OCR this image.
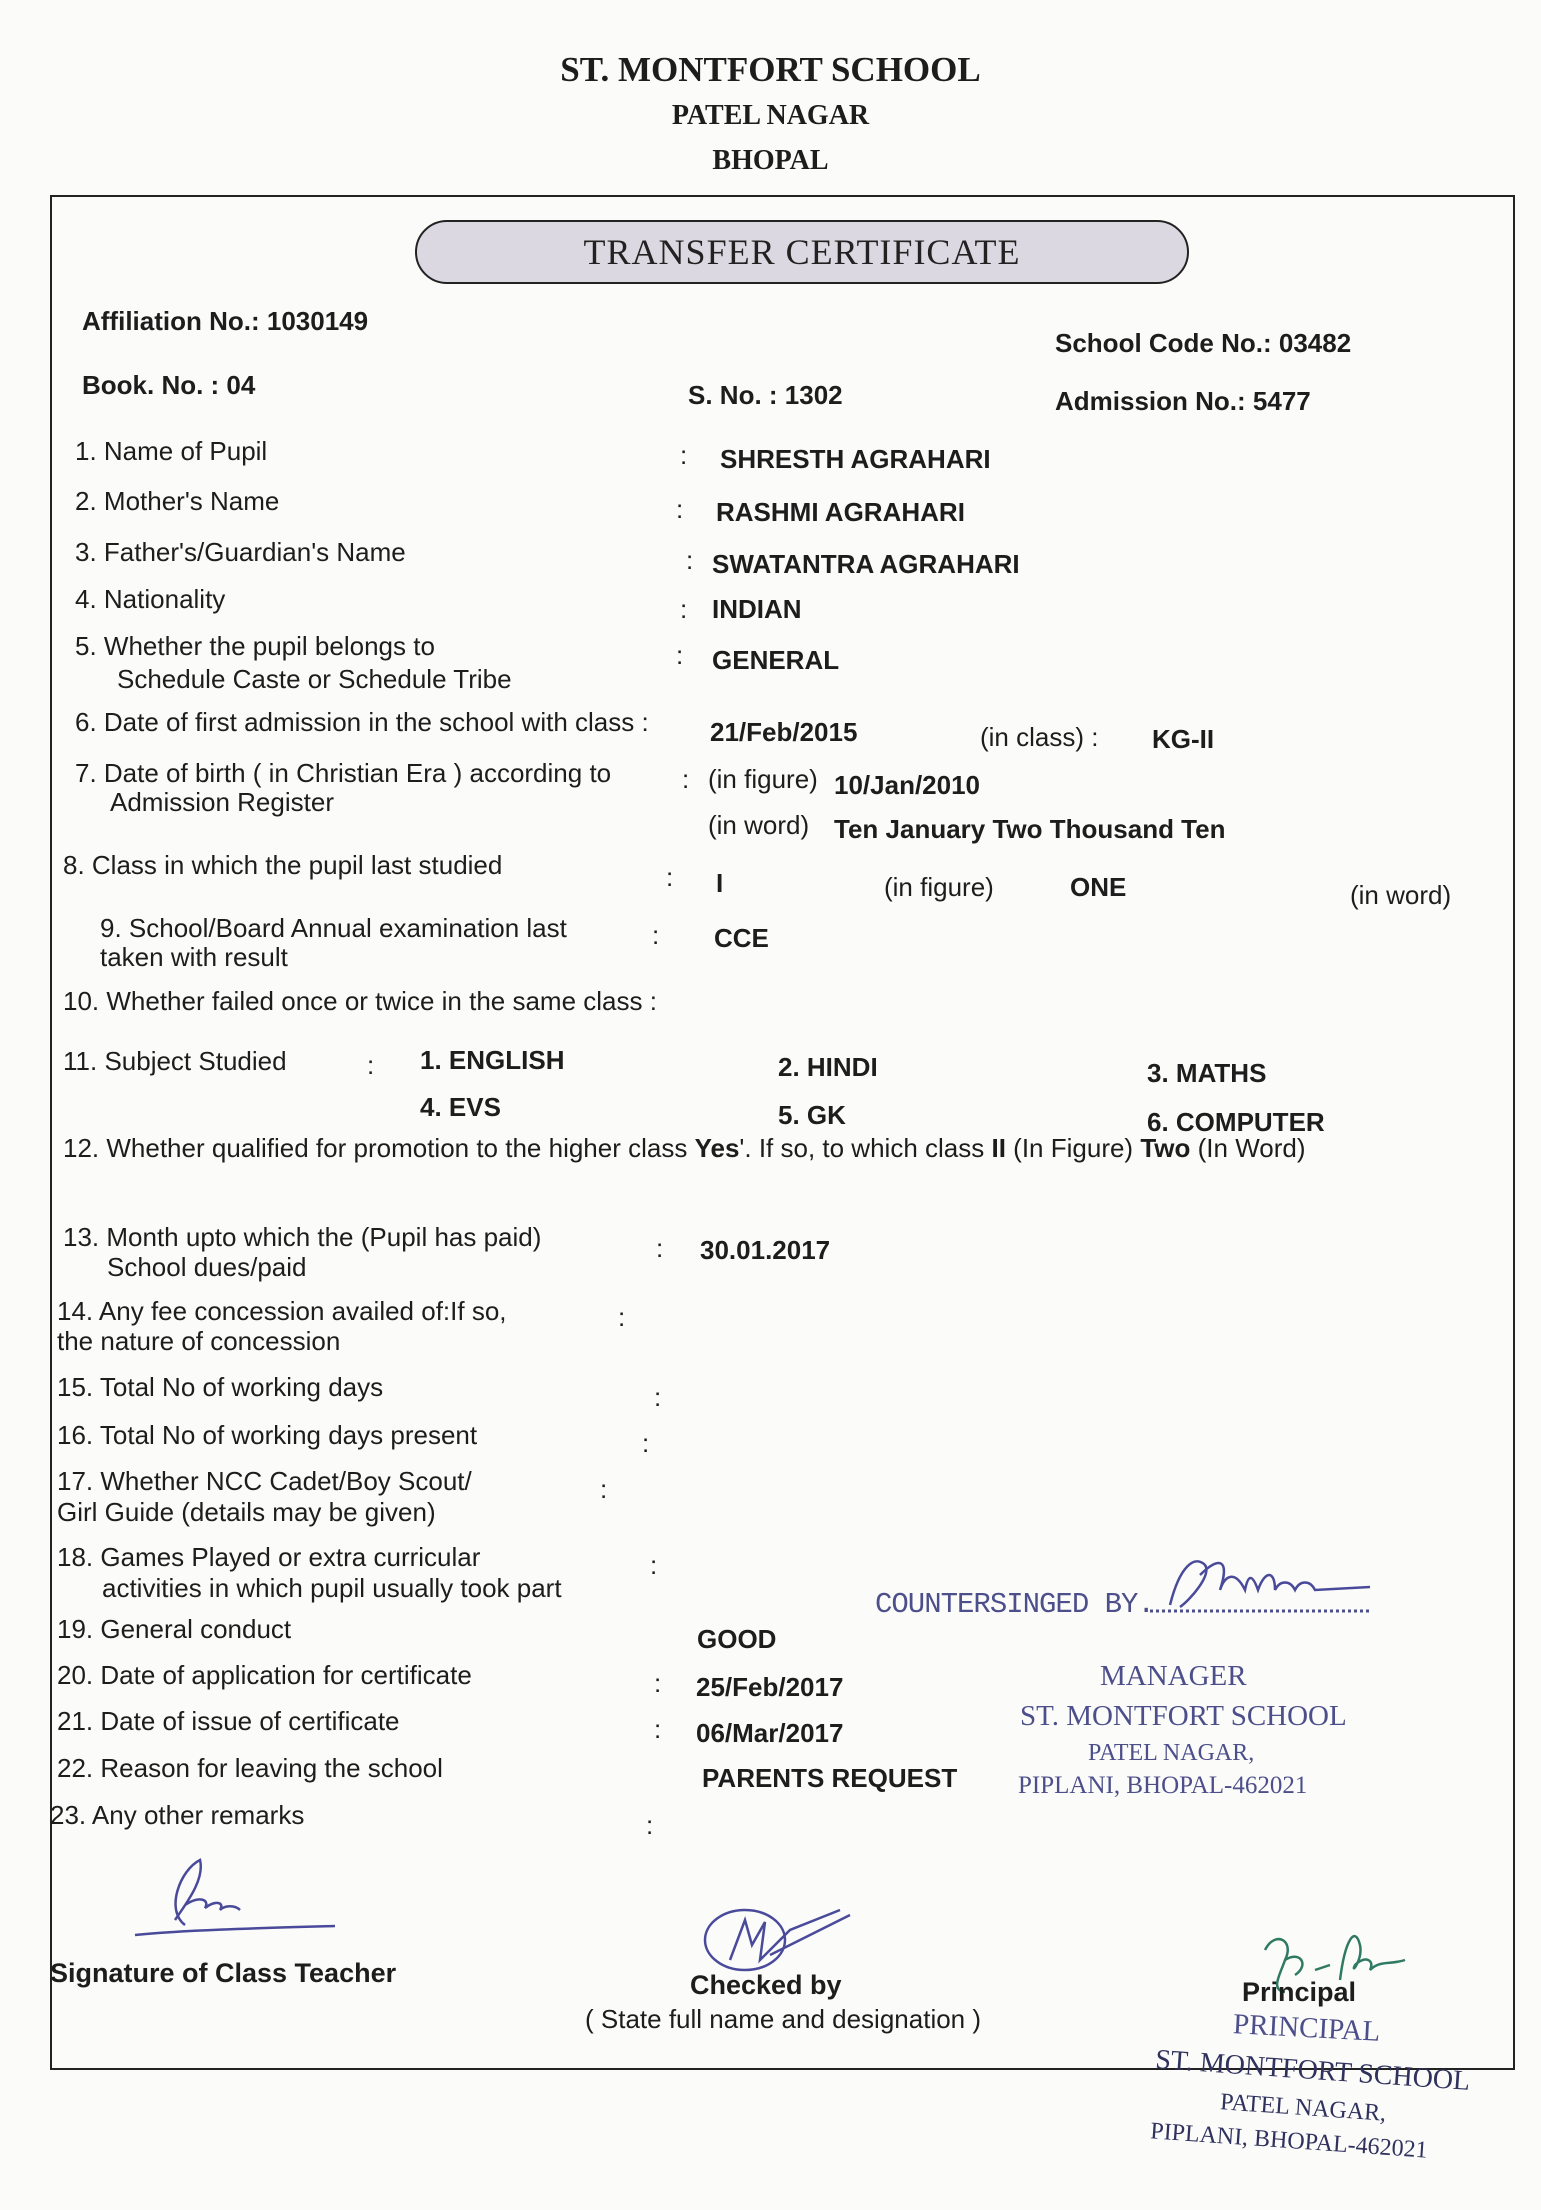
ST. MONTFORT SCHOOL
PATEL NAGAR
BHOPAL
TRANSFER CERTIFICATE
Affiliation No.: 1030149
School Code No.: 03482
Book. No. : 04	S. No. : 1302	Admission No.: 5477
1. Name of Pupil	: SHRESTH AGRAHARI
2. Mother's Name	: RASHMI AGRAHARI
3. Father's/Guardian's Name	: SWATANTRA AGRAHARI
4. Nationality	: INDIAN
5. Whether the pupil belongs to
Schedule Caste or Schedule Tribe
: GENERAL
6. Date of first admission in the school with class : 21/Feb/2015	(in class) : KG-II
7. Date of birth ( in Christian Era ) according to
Admission Register
: (in figure) 10/Jan/2010
(in word) Ten January Two Thousand Ten
8. Class in which the pupil last studied	: I	(in figure)	ONE	(in word)
9. School/Board Annual examination last
taken with result
: CCE
10. Whether failed once or twice in the same class :
11. Subject Studied	: 1. ENGLISH	2. HINDI	3. MATHS
4. EVS	5. GK	6. COMPUTER
12. Whether qualified for promotion to the higher class Yes'. If so, to which class II (In Figure) Two (In Word)
13. Month upto which the (Pupil has paid)
School dues/paid
: 30.01.2017
14. Any fee concession availed of:If so,
the nature of concession
:
15. Total No of working days	:
16. Total No of working days present	:
17. Whether NCC Cadet/Boy Scout/
Girl Guide (details may be given)
:
18. Games Played or extra curricular
activities in which pupil usually took part
:
19. General conduct	GOOD
20. Date of application for certificate	: 25/Feb/2017
21. Date of issue of certificate	: 06/Mar/2017
22. Reason for leaving the school	PARENTS REQUEST
23. Any other remarks	:
COUNTERSINGED BY.
MANAGER
ST. MONTFORT SCHOOL
PATEL NAGAR,
PIPLANI, BHOPAL-462021
Signature of Class Teacher	Checked by
( State full name and designation )
Principal
PRINCIPAL
ST. MONTFORT SCHOOL
PATEL NAGAR,
PIPLANI, BHOPAL-462021
